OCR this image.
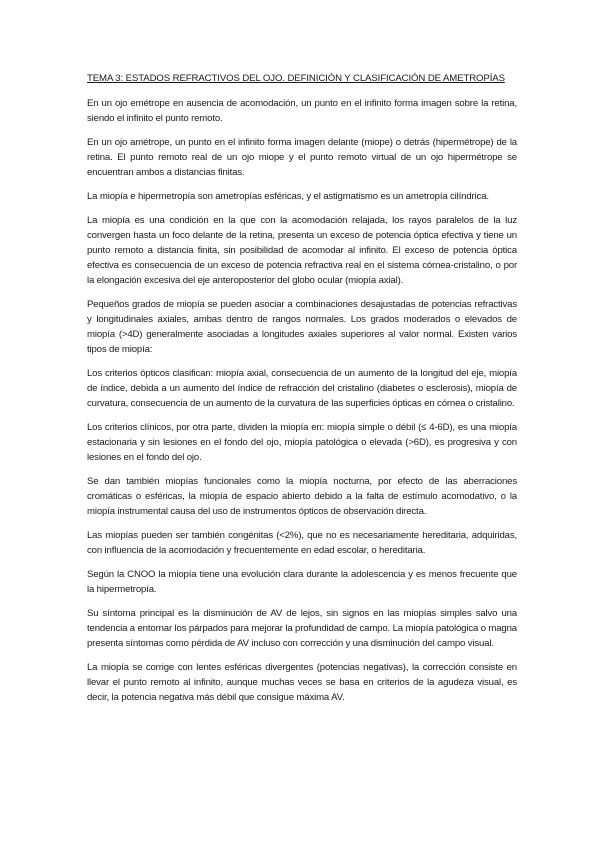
TEMA 3: ESTADOS REFRACTIVOS DEL OJO. DEFINICIÓN Y CLASIFICACIÓN DE AMETROPÍAS

En un ojo emétrope en ausencia de acomodación, un punto en el infinito forma imagen sobre la retina, siendo el infinito el punto remoto.

En un ojo amétrope, un punto en el infinito forma imagen delante (miope) o detrás (hipermétrope) de la retina. El punto remoto real de un ojo miope y el punto remoto virtual de un ojo hipermétrope se encuentran ambos a distancias finitas.

La miopía e hipermetropía son ametropías esféricas, y el astigmatismo es un ametropía cilíndrica.

La miopía es una condición en la que con la acomodación relajada, los rayos paralelos de la luz convergen hasta un foco delante de la retina, presenta un exceso de potencia óptica efectiva y tiene un punto remoto a distancia finita, sin posibilidad de acomodar al infinito. El exceso de potencia óptica efectiva es consecuencia de un exceso de potencia refractiva real en el sistema córnea-cristalino, o por la elongación excesiva del eje anteroposterior del globo ocular (miopía axial).

Pequeños grados de miopía se pueden asociar a combinaciones desajustadas de potencias refractivas y longitudinales axiales, ambas dentro de rangos normales. Los grados moderados o elevados de miopía (>4D) generalmente asociadas a longitudes axiales superiores al valor normal. Existen varios tipos de miopía:

Los criterios ópticos clasifican: miopía axial, consecuencia de un aumento de la longitud del eje, miopía de índice, debida a un aumento del índice de refracción del cristalino (diabetes o esclerosis), miopía de curvatura, consecuencia de un aumento de la curvatura de las superficies ópticas en córnea o cristalino.

Los criterios clínicos, por otra parte, dividen la miopía en: miopía simple o débil (≤ 4-6D), es una miopía estacionaria y sin lesiones en el fondo del ojo, miopía patológica o elevada (>6D), es progresiva y con lesiones en el fondo del ojo.

Se dan también miopías funcionales como la miopía nocturna, por efecto de las aberraciones cromáticas o esféricas, la miopía de espacio abierto debido a la falta de estímulo acomodativo, o la miopía instrumental causa del uso de instrumentos ópticos de observación directa.

Las miopías pueden ser también congénitas (<2%), que no es necesariamente hereditaria, adquiridas, con influencia de la acomodación y frecuentemente en edad escolar, o hereditaria.

Según la CNOO la miopía tiene una evolución clara durante la adolescencia y es menos frecuente que la hipermetropía.

Su síntoma principal es la disminución de AV de lejos, sin signos en las miopías simples salvo una tendencia a entornar los párpados para mejorar la profundidad de campo. La miopía patológica o magna presenta síntomas como pérdida de AV incluso con corrección y una disminución del campo visual.

La miopía se corrige con lentes esféricas divergentes (potencias negativas), la corrección consiste en llevar el punto remoto al infinito, aunque muchas veces se basa en criterios de la agudeza visual, es decir, la potencia negativa más débil que consigue máxima AV.
